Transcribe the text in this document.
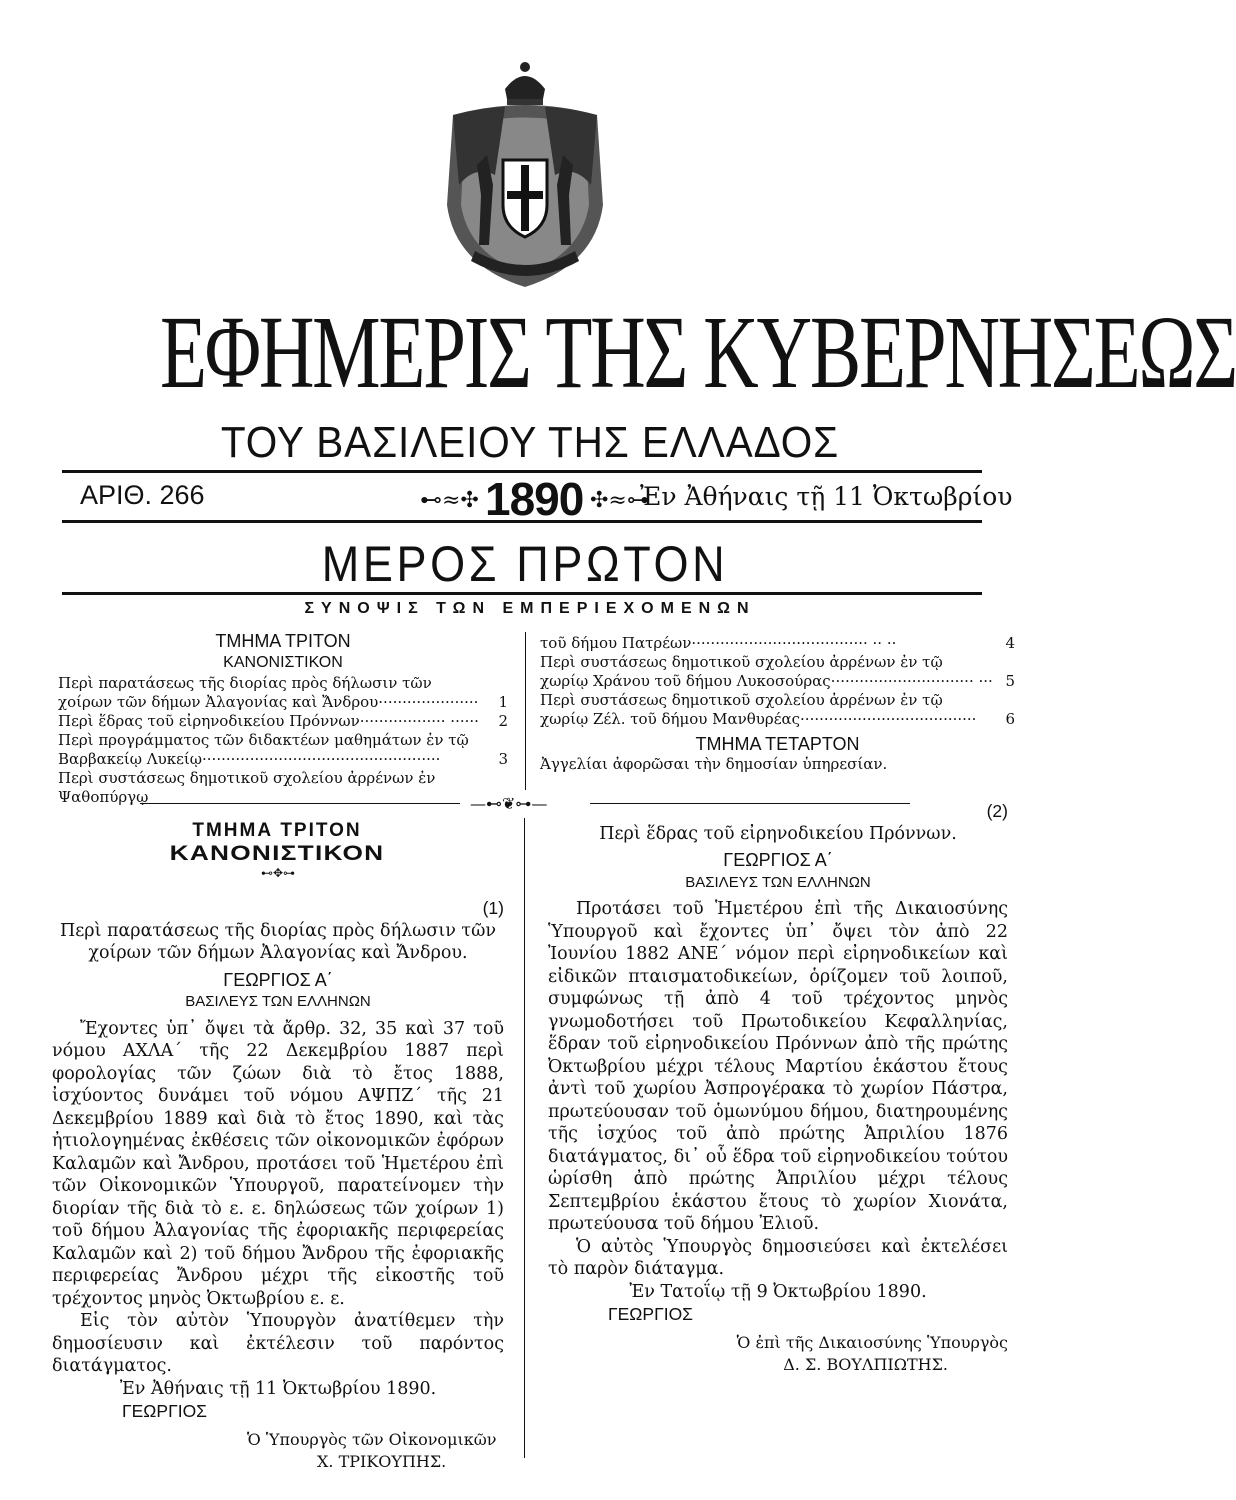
ΕΦΗΜΕΡΙΣ ΤΗΣ ΚΥΒΕΡΝΗΣΕΩΣ
ΤΟΥ ΒΑΣΙΛΕΙΟΥ ΤΗΣ ΕΛΛΑΔΟΣ
ΑΡΙΘ. 266	⊷≈✣ 1890 ✣≈⊶
Ἐν Ἀθήναις τῇ 11 Ὀκτωβρίου
ΜΕΡΟΣ ΠΡΩΤΟΝ
ΣΥΝΟΨΙΣ ΤΩΝ ΕΜΠΕΡΙΕΧΟΜΕΝΩΝ
ΤΜΗΜΑ ΤΡΙΤΟΝ
ΚΑΝΟΝΙΣΤΙΚΟΝ
Περὶ παρατάσεως τῆς διορίας πρὸς δήλωσιν τῶν χοίρων τῶν δήμων Ἀλαγονίας καὶ Ἄνδρου····················· 1
Περὶ ἕδρας τοῦ εἰρηνοδικείου Πρόννων·················· ······ 2
Περὶ προγράμματος τῶν διδακτέων μαθημάτων ἐν τῷ Βαρβακείῳ Λυκείῳ··················································	3
Περὶ συστάσεως δημοτικοῦ σχολείου ἀρρένων ἐν Ψαθοπύργῳ
τοῦ δήμου Πατρέων····································· ·· ··	4
Περὶ συστάσεως δημοτικοῦ σχολείου ἀρρένων ἐν τῷ χωρίῳ Χράνου τοῦ δήμου Λυκοσούρας······························ ··· 5
Περὶ συστάσεως δημοτικοῦ σχολείου ἀρρένων ἐν τῷ χωρίῳ Ζέλ. τοῦ δήμου Μανθυρέας····································· 6
ΤΜΗΜΑ ΤΕΤΑΡΤΟΝ
Ἀγγελίαι ἀφορῶσαι τὴν δημοσίαν ὑπηρεσίαν.
—⊷❦⊶—
ΤΜΗΜΑ ΤΡΙΤΟΝ
ΚΑΝΟΝΙΣΤΙΚΟΝ
⊷✥⊶
(1)

Περὶ παρατάσεως τῆς διορίας πρὸς δήλωσιν τῶν χοίρων τῶν δήμων Ἀλαγονίας καὶ Ἄνδρου.

ΓΕΩΡΓΙΟΣ Α΄
ΒΑΣΙΛΕΥΣ ΤΩΝ ΕΛΛΗΝΩΝ

Ἔχοντες ὑπ᾽ ὄψει τὰ ἄρθρ. 32, 35 καὶ 37 τοῦ νόμου ΑΧΛΑ΄ τῆς 22 Δεκεμβρίου 1887 περὶ φορολογίας τῶν ζώων διὰ τὸ ἔτος 1888, ἰσχύοντος δυνάμει τοῦ νόμου ΑΨΠΖ΄ τῆς 21 Δεκεμβρίου 1889 καὶ διὰ τὸ ἔτος 1890, καὶ τὰς ἠτιολογημένας ἐκθέσεις τῶν οἰκονομικῶν ἐφόρων Καλαμῶν καὶ Ἄνδρου, προτάσει τοῦ Ἡμετέρου ἐπὶ τῶν Οἰκονομικῶν Ὑπουργοῦ, παρατείνομεν τὴν διορίαν τῆς διὰ τὸ ε. ε. δηλώσεως τῶν χοίρων 1) τοῦ δήμου Ἀλαγονίας τῆς ἐφοριακῆς περιφερείας Καλαμῶν καὶ 2) τοῦ δήμου Ἄνδρου τῆς ἐφοριακῆς περιφερείας Ἄνδρου μέχρι τῆς εἰκοστῆς τοῦ τρέχοντος μηνὸς Ὀκτωβρίου ε. ε.

Εἰς τὸν αὐτὸν Ὑπουργὸν ἀνατίθεμεν τὴν δημοσίευσιν καὶ ἐκτέλεσιν τοῦ παρόντος διατάγματος.

Ἐν Ἀθήναις τῇ 11 Ὀκτωβρίου 1890.

ΓΕΩΡΓΙΟΣ

Ὁ Ὑπουργὸς τῶν Οἰκονομικῶν

Χ. ΤΡΙΚΟΥΠΗΣ.

(2)

Περὶ ἕδρας τοῦ εἰρηνοδικείου Πρόννων.

ΓΕΩΡΓΙΟΣ Α΄
ΒΑΣΙΛΕΥΣ ΤΩΝ ΕΛΛΗΝΩΝ

Προτάσει τοῦ Ἡμετέρου ἐπὶ τῆς Δικαιοσύνης Ὑπουργοῦ καὶ ἔχοντες ὑπ᾽ ὄψει τὸν ἀπὸ 22 Ἰουνίου 1882 ΑΝΕ΄ νόμον περὶ εἰρηνοδικείων καὶ εἰδικῶν πταισματοδικείων, ὁρίζομεν τοῦ λοιποῦ, συμφώνως τῇ ἀπὸ 4 τοῦ τρέχοντος μηνὸς γνωμοδοτήσει τοῦ Πρωτοδικείου Κεφαλληνίας, ἕδραν τοῦ εἰρηνοδικείου Πρόννων ἀπὸ τῆς πρώτης Ὀκτωβρίου μέχρι τέλους Μαρτίου ἑκάστου ἔτους ἀντὶ τοῦ χωρίου Ἀσπρογέρακα τὸ χωρίον Πάστρα, πρωτεύουσαν τοῦ ὁμωνύμου δήμου, διατηρουμένης τῆς ἰσχύος τοῦ ἀπὸ πρώτης Ἀπριλίου 1876 διατάγματος, δι᾽ οὗ ἕδρα τοῦ εἰρηνοδικείου τούτου ὡρίσθη ἀπὸ πρώτης Ἀπριλίου μέχρι τέλους Σεπτεμβρίου ἑκάστου ἔτους τὸ χωρίον Χιονάτα, πρωτεύουσα τοῦ δήμου Ἐλιοῦ.

Ὁ αὐτὸς Ὑπουργὸς δημοσιεύσει καὶ ἐκτελέσει τὸ παρὸν διάταγμα.

Ἐν Τατοΐῳ τῇ 9 Ὀκτωβρίου 1890.

ΓΕΩΡΓΙΟΣ

Ὁ ἐπὶ τῆς Δικαιοσύνης Ὑπουργὸς

Δ. Σ. ΒΟΥΛΠΙΩΤΗΣ.
